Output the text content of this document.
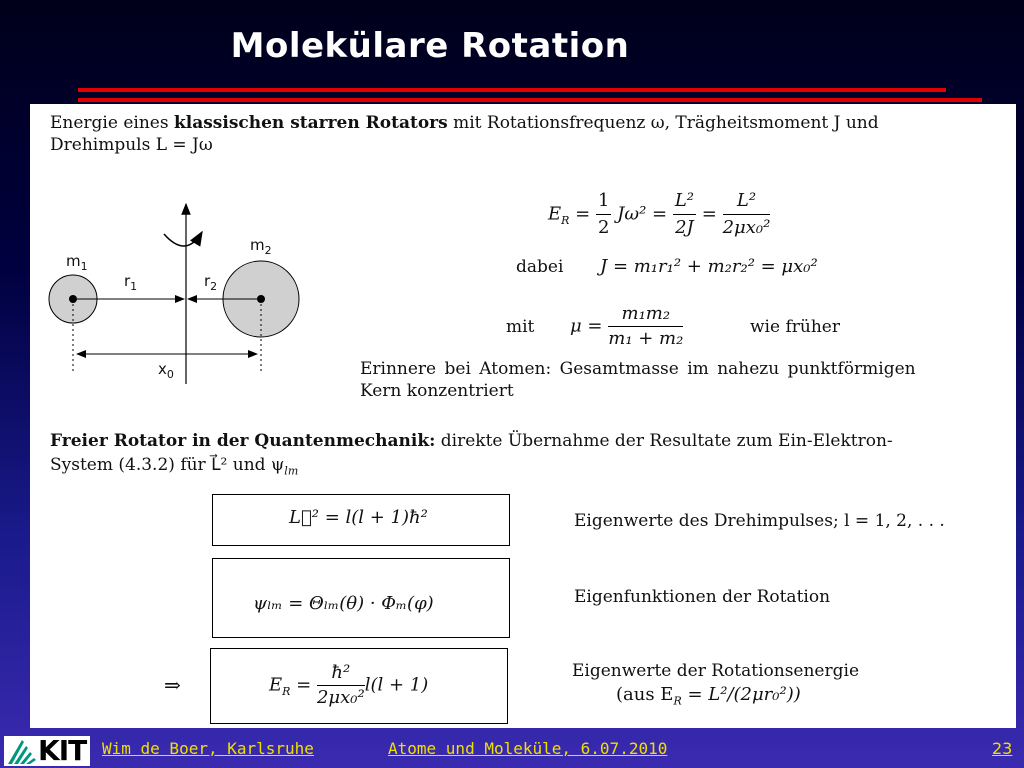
Molekülare Rotation
Energie eines klassischen starren Rotators mit Rotationsfrequenz ω, Trägheitsmoment J und
Drehimpuls L = Jω
$m_1$
$m_2$
$r_1$	$r_2$
$x_0$
$E_R = \frac{1}{2} J\omega^2 = \frac{\text{L²}}{2J} = \frac{\text{L²}}{\text{2μx₀²}}$
dabei J = m₁r₁² + m₂r₂² = μx₀²
mit $\mu = \frac{\text{m₁m₂}}{\text{m₁ + m₂}}$	wie früher
Erinnere bei Atomen: Gesamtmasse im nahezu punktförmigen
Kern konzentriert
Freier Rotator in der Quantenmechanik: direkte Übernahme der Resultate zum Ein-Elektron-
System (4.3.2) für L⃗² und $\psi_{lm}$
L⃗² = l(l + 1)ħ²	Eigenwerte des Drehimpulses; l = 1, 2, . . .
ψₗₘ = Θₗₘ(θ) · Φₘ(φ)	Eigenfunktionen der Rotation
⇒	$E_R = \frac{\text{ħ²}}{\text{2μx₀²}} l(l + 1)$
Eigenwerte der Rotationsenergie
(aus $E_R = L^2/(2\mu r_0^2)$)
KIT Wim de Boer, Karlsruhe	Atome und Moleküle, 6.07.2010	23
